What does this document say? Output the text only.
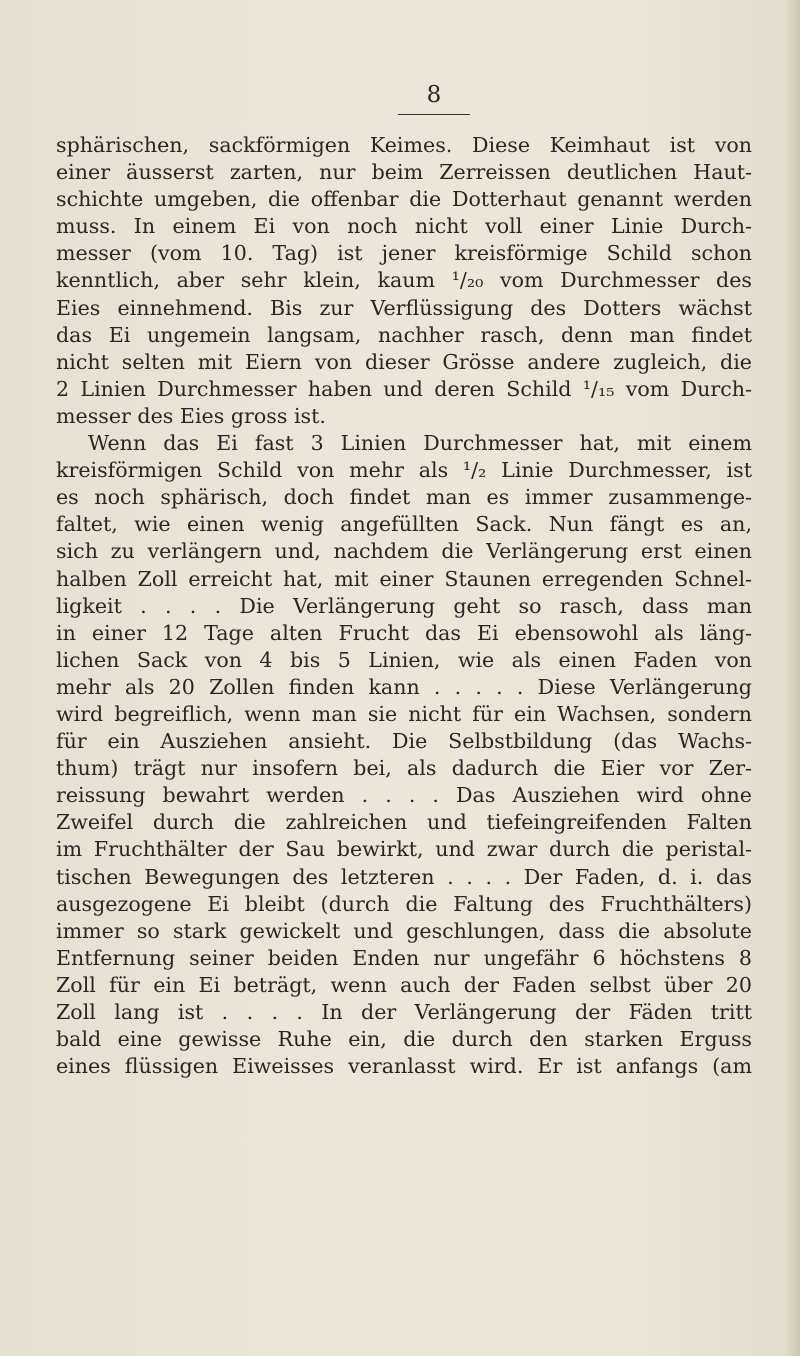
8
sphärischen, sackförmigen Keimes. Diese Keimhaut ist von
einer äusserst zarten, nur beim Zerreissen deutlichen Haut-
schichte umgeben, die offenbar die Dotterhaut genannt werden
muss. In einem Ei von noch nicht voll einer Linie Durch-
messer (vom 10. Tag) ist jener kreisförmige Schild schon
kenntlich, aber sehr klein, kaum ¹/₂₀ vom Durchmesser des
Eies einnehmend. Bis zur Verflüssigung des Dotters wächst
das Ei ungemein langsam, nachher rasch, denn man findet
nicht selten mit Eiern von dieser Grösse andere zugleich, die
2 Linien Durchmesser haben und deren Schild ¹/₁₅ vom Durch-
messer des Eies gross ist.
Wenn das Ei fast 3 Linien Durchmesser hat, mit einem
kreisförmigen Schild von mehr als ¹/₂ Linie Durchmesser, ist
es noch sphärisch, doch findet man es immer zusammenge-
faltet, wie einen wenig angefüllten Sack. Nun fängt es an,
sich zu verlängern und, nachdem die Verlängerung erst einen
halben Zoll erreicht hat, mit einer Staunen erregenden Schnel-
ligkeit . . . . Die Verlängerung geht so rasch, dass man
in einer 12 Tage alten Frucht das Ei ebensowohl als läng-
lichen Sack von 4 bis 5 Linien, wie als einen Faden von
mehr als 20 Zollen finden kann . . . . . Diese Verlängerung
wird begreiflich, wenn man sie nicht für ein Wachsen, sondern
für ein Ausziehen ansieht. Die Selbstbildung (das Wachs-
thum) trägt nur insofern bei, als dadurch die Eier vor Zer-
reissung bewahrt werden . . . . Das Ausziehen wird ohne
Zweifel durch die zahlreichen und tiefeingreifenden Falten
im Fruchthälter der Sau bewirkt, und zwar durch die peristal-
tischen Bewegungen des letzteren . . . . Der Faden, d. i. das
ausgezogene Ei bleibt (durch die Faltung des Fruchthälters)
immer so stark gewickelt und geschlungen, dass die absolute
Entfernung seiner beiden Enden nur ungefähr 6 höchstens 8
Zoll für ein Ei beträgt, wenn auch der Faden selbst über 20
Zoll lang ist . . . . In der Verlängerung der Fäden tritt
bald eine gewisse Ruhe ein, die durch den starken Erguss
eines flüssigen Eiweisses veranlasst wird. Er ist anfangs (am
